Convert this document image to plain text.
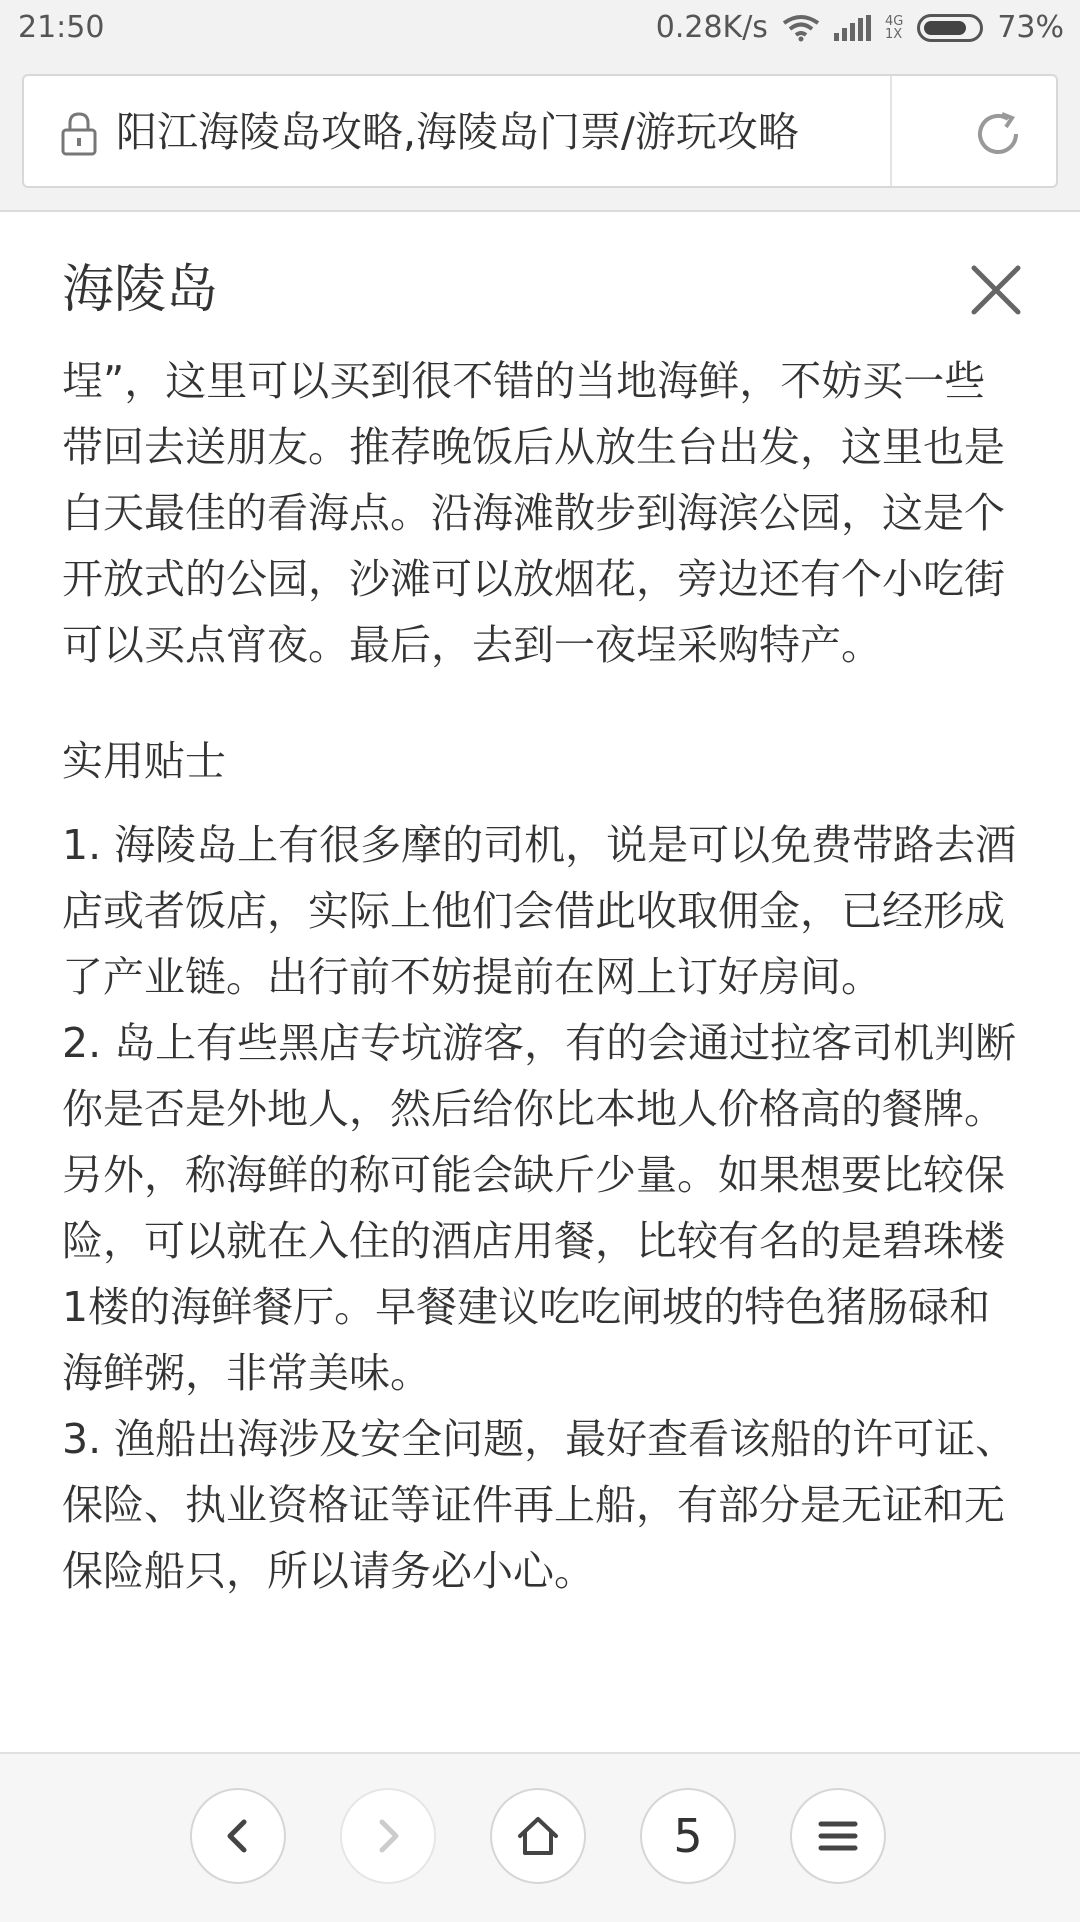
21:50	0.28K/s	4G
1X	73%
阳江海陵岛攻略,海陵岛门票/游玩攻略
海陵岛

埕”，这里可以买到很不错的当地海鲜，不妨买一些带回去送朋友。推荐晚饭后从放生台出发，这里也是白天最佳的看海点。沿海滩散步到海滨公园，这是个开放式的公园，沙滩可以放烟花，旁边还有个小吃街可以买点宵夜。最后，去到一夜埕采购特产。

实用贴士

1. 海陵岛上有很多摩的司机，说是可以免费带路去酒店或者饭店，实际上他们会借此收取佣金，已经形成了产业链。出行前不妨提前在网上订好房间。

2. 岛上有些黑店专坑游客，有的会通过拉客司机判断你是否是外地人，然后给你比本地人价格高的餐牌。另外，称海鲜的称可能会缺斤少量。如果想要比较保险，可以就在入住的酒店用餐，比较有名的是碧珠楼1楼的海鲜餐厅。早餐建议吃吃闸坡的特色猪肠碌和海鲜粥，非常美味。

3. 渔船出海涉及安全问题，最好查看该船的许可证、保险、执业资格证等证件再上船，有部分是无证和无保险船只，所以请务必小心。

5
